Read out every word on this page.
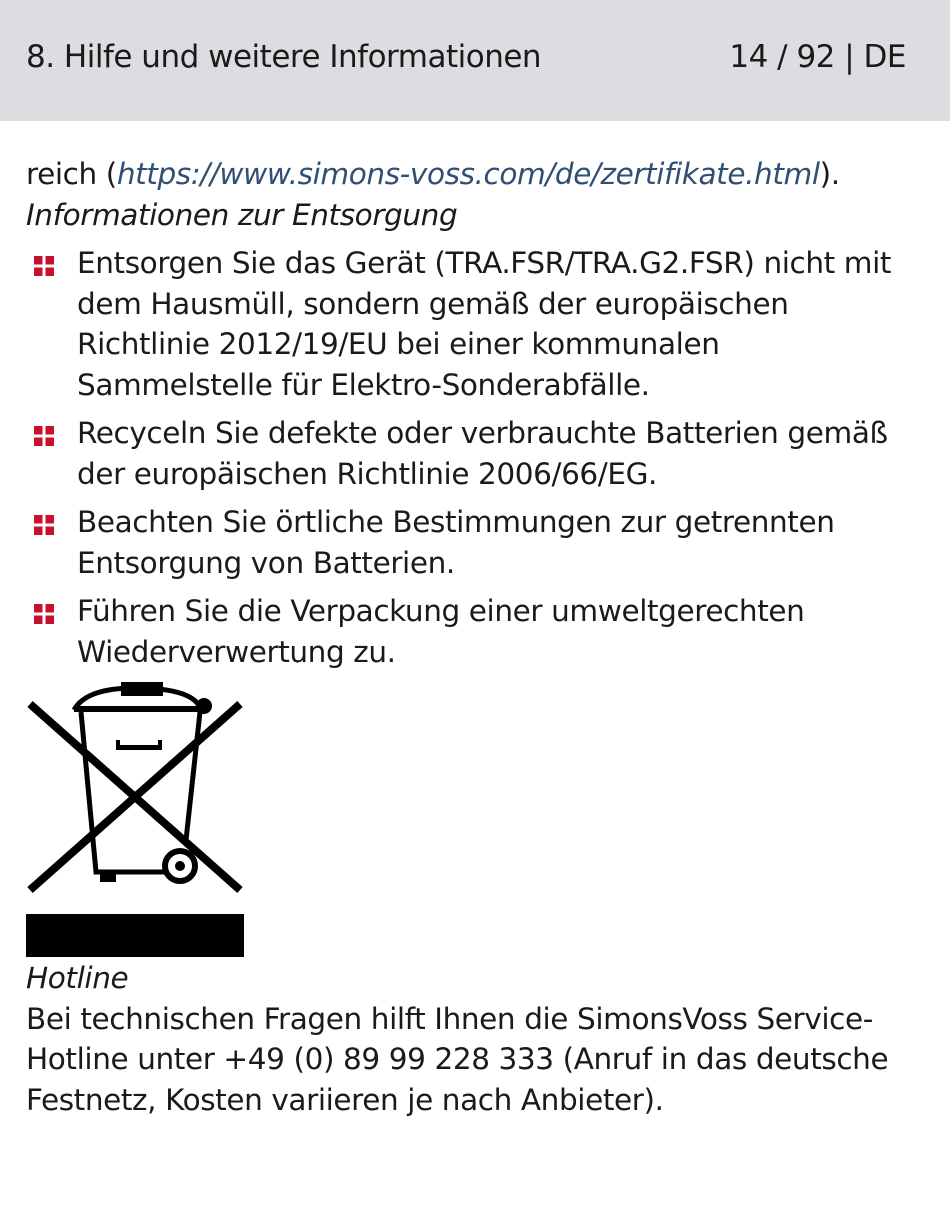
8. Hilfe und weitere Informationen	14 / 92 | DE

reich (https://www.simons-voss.com/de/zertifikate.html).

Informationen zur Entsorgung

Entsorgen Sie das Gerät (TRA.FSR/TRA.G2.FSR) nicht mit dem Hausmüll, sondern gemäß der europäischen Richtlinie 2012/19/EU bei einer kommunalen Sammelstelle für Elektro-Sonderabfälle.
Recyceln Sie defekte oder verbrauchte Batterien gemäß der europäischen Richtlinie 2006/66/EG.
Beachten Sie örtliche Bestimmungen zur getrennten Entsorgung von Batterien.
Führen Sie die Verpackung einer umweltgerechten Wiederverwertung zu.

Hotline

Bei technischen Fragen hilft Ihnen die SimonsVoss Service-Hotline unter +49 (0) 89 99 228 333 (Anruf in das deutsche Festnetz, Kosten variieren je nach Anbieter).
